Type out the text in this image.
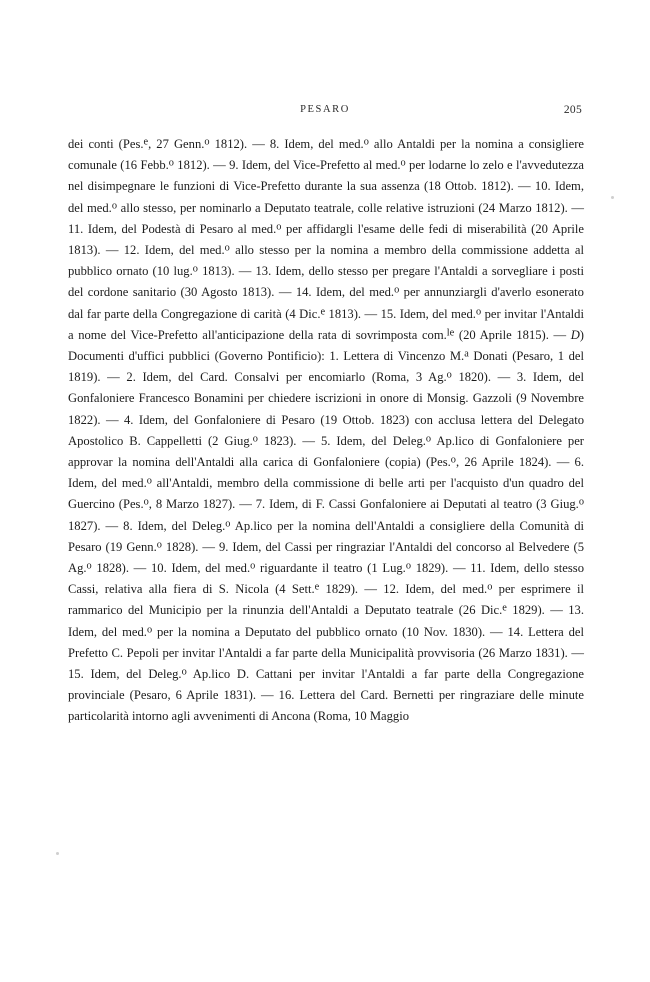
PESARO	205

dei conti (Pes.$^e$, 27 Genn.$^o$ 1812). — 8. Idem, del med.$^o$ allo Antaldi per la nomina a consigliere comunale (16 Febb.$^o$ 1812). — 9. Idem, del Vice-Prefetto al med.$^o$ per lodarne lo zelo e l'avvedutezza nel disimpegnare le funzioni di Vice-Prefetto durante la sua assenza (18 Ottob. 1812). — 10. Idem, del med.$^o$ allo stesso, per nominarlo a Deputato teatrale, colle relative istruzioni (24 Marzo 1812). — 11. Idem, del Podestà di Pesaro al med.$^o$ per affidargli l'esame delle fedi di miserabilità (20 Aprile 1813). — 12. Idem, del med.$^o$ allo stesso per la nomina a membro della commissione addetta al pubblico ornato (10 lug.$^o$ 1813). — 13. Idem, dello stesso per pregare l'Antaldi a sorvegliare i posti del cordone sanitario (30 Agosto 1813). — 14. Idem, del med.$^o$ per annunziargli d'averlo esonerato dal far parte della Congregazione di carità (4 Dic.$^e$ 1813). — 15. Idem, del med.$^o$ per invitar l'Antaldi a nome del Vice-Prefetto all'anticipazione della rata di sovrimposta com.$^{le}$ (20 Aprile 1815). — D) Documenti d'uffici pubblici (Governo Pontificio): 1. Lettera di Vincenzo M.$^a$ Donati (Pesaro, 1 del 1819). — 2. Idem, del Card. Consalvi per encomiarlo (Roma, 3 Ag.$^o$ 1820). — 3. Idem, del Gonfaloniere Francesco Bonamini per chiedere iscrizioni in onore di Monsig. Gazzoli (9 Novembre 1822). — 4. Idem, del Gonfaloniere di Pesaro (19 Ottob. 1823) con acclusa lettera del Delegato Apostolico B. Cappelletti (2 Giug.$^o$ 1823). — 5. Idem, del Deleg.$^o$ Ap.lico di Gonfaloniere per approvar la nomina dell'Antaldi alla carica di Gonfaloniere (copia) (Pes.$^o$, 26 Aprile 1824). — 6. Idem, del med.$^o$ all'Antaldi, membro della commissione di belle arti per l'acquisto d'un quadro del Guercino (Pes.$^o$, 8 Marzo 1827). — 7. Idem, di F. Cassi Gonfaloniere ai Deputati al teatro (3 Giug.$^o$ 1827). — 8. Idem, del Deleg.$^o$ Ap.lico per la nomina dell'Antaldi a consigliere della Comunità di Pesaro (19 Genn.$^o$ 1828). — 9. Idem, del Cassi per ringraziar l'Antaldi del concorso al Belvedere (5 Ag.$^o$ 1828). — 10. Idem, del med.$^o$ riguardante il teatro (1 Lug.$^o$ 1829). — 11. Idem, dello stesso Cassi, relativa alla fiera di S. Nicola (4 Sett.$^e$ 1829). — 12. Idem, del med.$^o$ per esprimere il rammarico del Municipio per la rinunzia dell'Antaldi a Deputato teatrale (26 Dic.$^e$ 1829). — 13. Idem, del med.$^o$ per la nomina a Deputato del pubblico ornato (10 Nov. 1830). — 14. Lettera del Prefetto C. Pepoli per invitar l'Antaldi a far parte della Municipalità provvisoria (26 Marzo 1831). — 15. Idem, del Deleg.$^o$ Ap.lico D. Cattani per invitar l'Antaldi a far parte della Congregazione provinciale (Pesaro, 6 Aprile 1831). — 16. Lettera del Card. Bernetti per ringraziare delle minute particolarità intorno agli avvenimenti di Ancona (Roma, 10 Maggio
